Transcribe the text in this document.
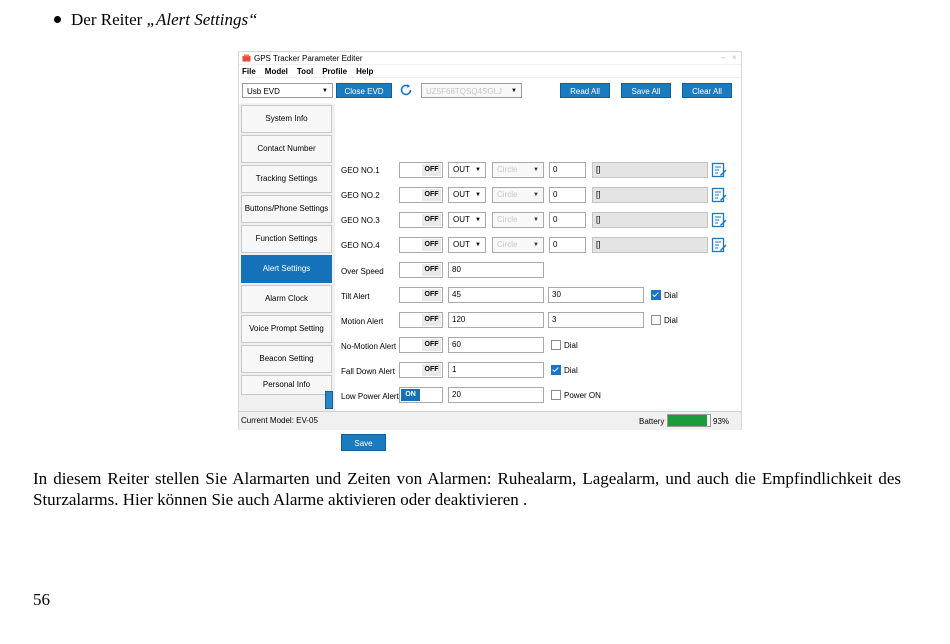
Der Reiter „Alert Settings“
GPS Tracker Parameter Editer	– ×
File Model Tool Profile Help
Usb EVD	▼	Close EVD	UZ5F68TQSQ4SGLJ ▼	Read All	Save All	Clear All
System Info
Contact Number
Tracking Settings
Buttons/Phone Settings
Function Settings
Alert Settings
Alarm Clock
Voice Prompt Setting
Beacon Setting
Personal Info
GEO NO.1	OFF	OUT ▼	Circle	▼	0	[]
GEO NO.2	OFF	OUT ▼	Circle	▼	0	[]
GEO NO.3	OFF	OUT ▼	Circle	▼	0	[]
GEO NO.4	OFF	OUT ▼	Circle	▼	0	[]
Over Speed	OFF	80
Tilt Alert	OFF	45	30	Dial
Motion Alert	OFF	120	3	Dial
No-Motion Alert	OFF	60	Dial
Fall Down Alert	OFF	1	Dial
Low Power Alert ON	20	Power ON
Save
Current Model: EV-05	Battery	93%
In diesem Reiter stellen Sie Alarmarten und Zeiten von Alarmen: Ruhealarm, Lagealarm, und auch die Empfindlichkeit des Sturzalarms. Hier können Sie auch Alarme aktivieren oder deaktivieren .
56
